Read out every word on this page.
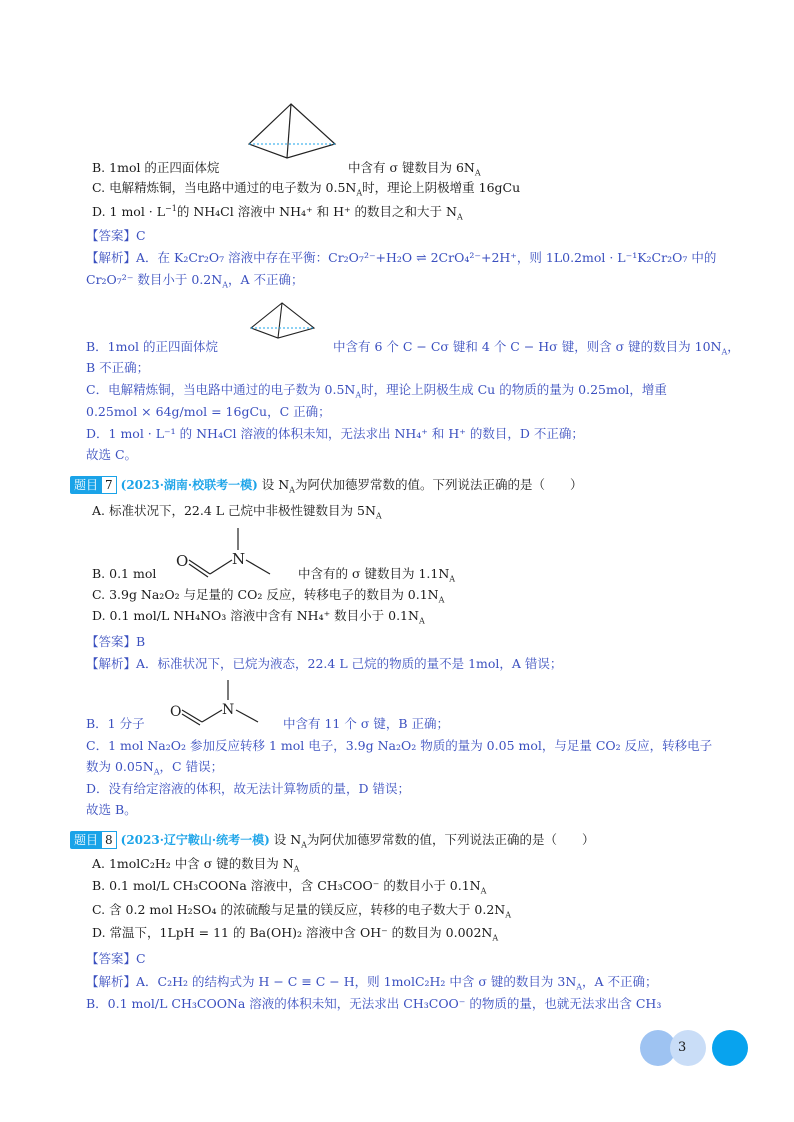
B. 1mol 的正四面体烷	中含有 σ 键数目为 $6N_A$
C. 电解精炼铜，当电路中通过的电子数为 $0.5N_A$时，理论上阴极增重 16gCu
D. 1 mol · $L^{-1}$的 NH₄Cl 溶液中 NH₄⁺ 和 H⁺ 的数目之和大于 $N_A$
【答案】C
【解析】A．在 K₂Cr₂O₇ 溶液中存在平衡：Cr₂O₇²⁻+H₂O ⇌ 2CrO₄²⁻+2H⁺，则 1L0.2mol · L⁻¹K₂Cr₂O₇ 中的
Cr₂O₇²⁻ 数目小于 $0.2N_A$，A 不正确；
B．1mol 的正四面体烷	中含有 6 个 C − Cσ 键和 4 个 C − Hσ 键，则含 σ 键的数目为 $10N_A$，
B 不正确；
C．电解精炼铜，当电路中通过的电子数为 $0.5N_A$时，理论上阴极生成 Cu 的物质的量为 0.25mol，增重
0.25mol × 64g/mol = 16gCu，C 正确；
D．1 mol · L⁻¹ 的 NH₄Cl 溶液的体积未知，无法求出 NH₄⁺ 和 H⁺ 的数目，D 不正确；
故选 C。
题目 7 (2023·湖南·校联考一模) 设 $N_A$为阿伏加德罗常数的值。下列说法正确的是（　　）
A. 标准状况下，22.4 L 己烷中非极性键数目为 $5N_A$
O	N
B. 0.1 mol	中含有的 σ 键数目为 $1.1N_A$
C. 3.9g Na₂O₂ 与足量的 CO₂ 反应，转移电子的数目为 $0.1N_A$
D. 0.1 mol/L NH₄NO₃ 溶液中含有 NH₄⁺ 数目小于 $0.1N_A$
【答案】B
【解析】A．标准状况下，已烷为液态，22.4 L 己烷的物质的量不是 1mol，A 错误；
O	N
B．1 分子	中含有 11 个 σ 键，B 正确；
C．1 mol Na₂O₂ 参加反应转移 1 mol 电子，3.9g Na₂O₂ 物质的量为 0.05 mol，与足量 CO₂ 反应，转移电子
数为 $0.05N_A$，C 错误；
D．没有给定溶液的体积，故无法计算物质的量，D 错误；
故选 B。
题目 8 (2023·辽宁鞍山·统考一模) 设 $N_A$为阿伏加德罗常数的值，下列说法正确的是（　　）
A. 1molC₂H₂ 中含 σ 键的数目为 $N_A$
B. 0.1 mol/L CH₃COONa 溶液中，含 CH₃COO⁻ 的数目小于 $0.1N_A$
C. 含 0.2 mol H₂SO₄ 的浓硫酸与足量的镁反应，转移的电子数大于 $0.2N_A$
D. 常温下，1LpH = 11 的 Ba(OH)₂ 溶液中含 OH⁻ 的数目为 $0.002N_A$
【答案】C
【解析】A．C₂H₂ 的结构式为 H − C ≡ C − H，则 1molC₂H₂ 中含 σ 键的数目为 $3N_A$，A 不正确；
B．0.1 mol/L CH₃COONa 溶液的体积未知，无法求出 CH₃COO⁻ 的物质的量，也就无法求出含 CH₃
3
